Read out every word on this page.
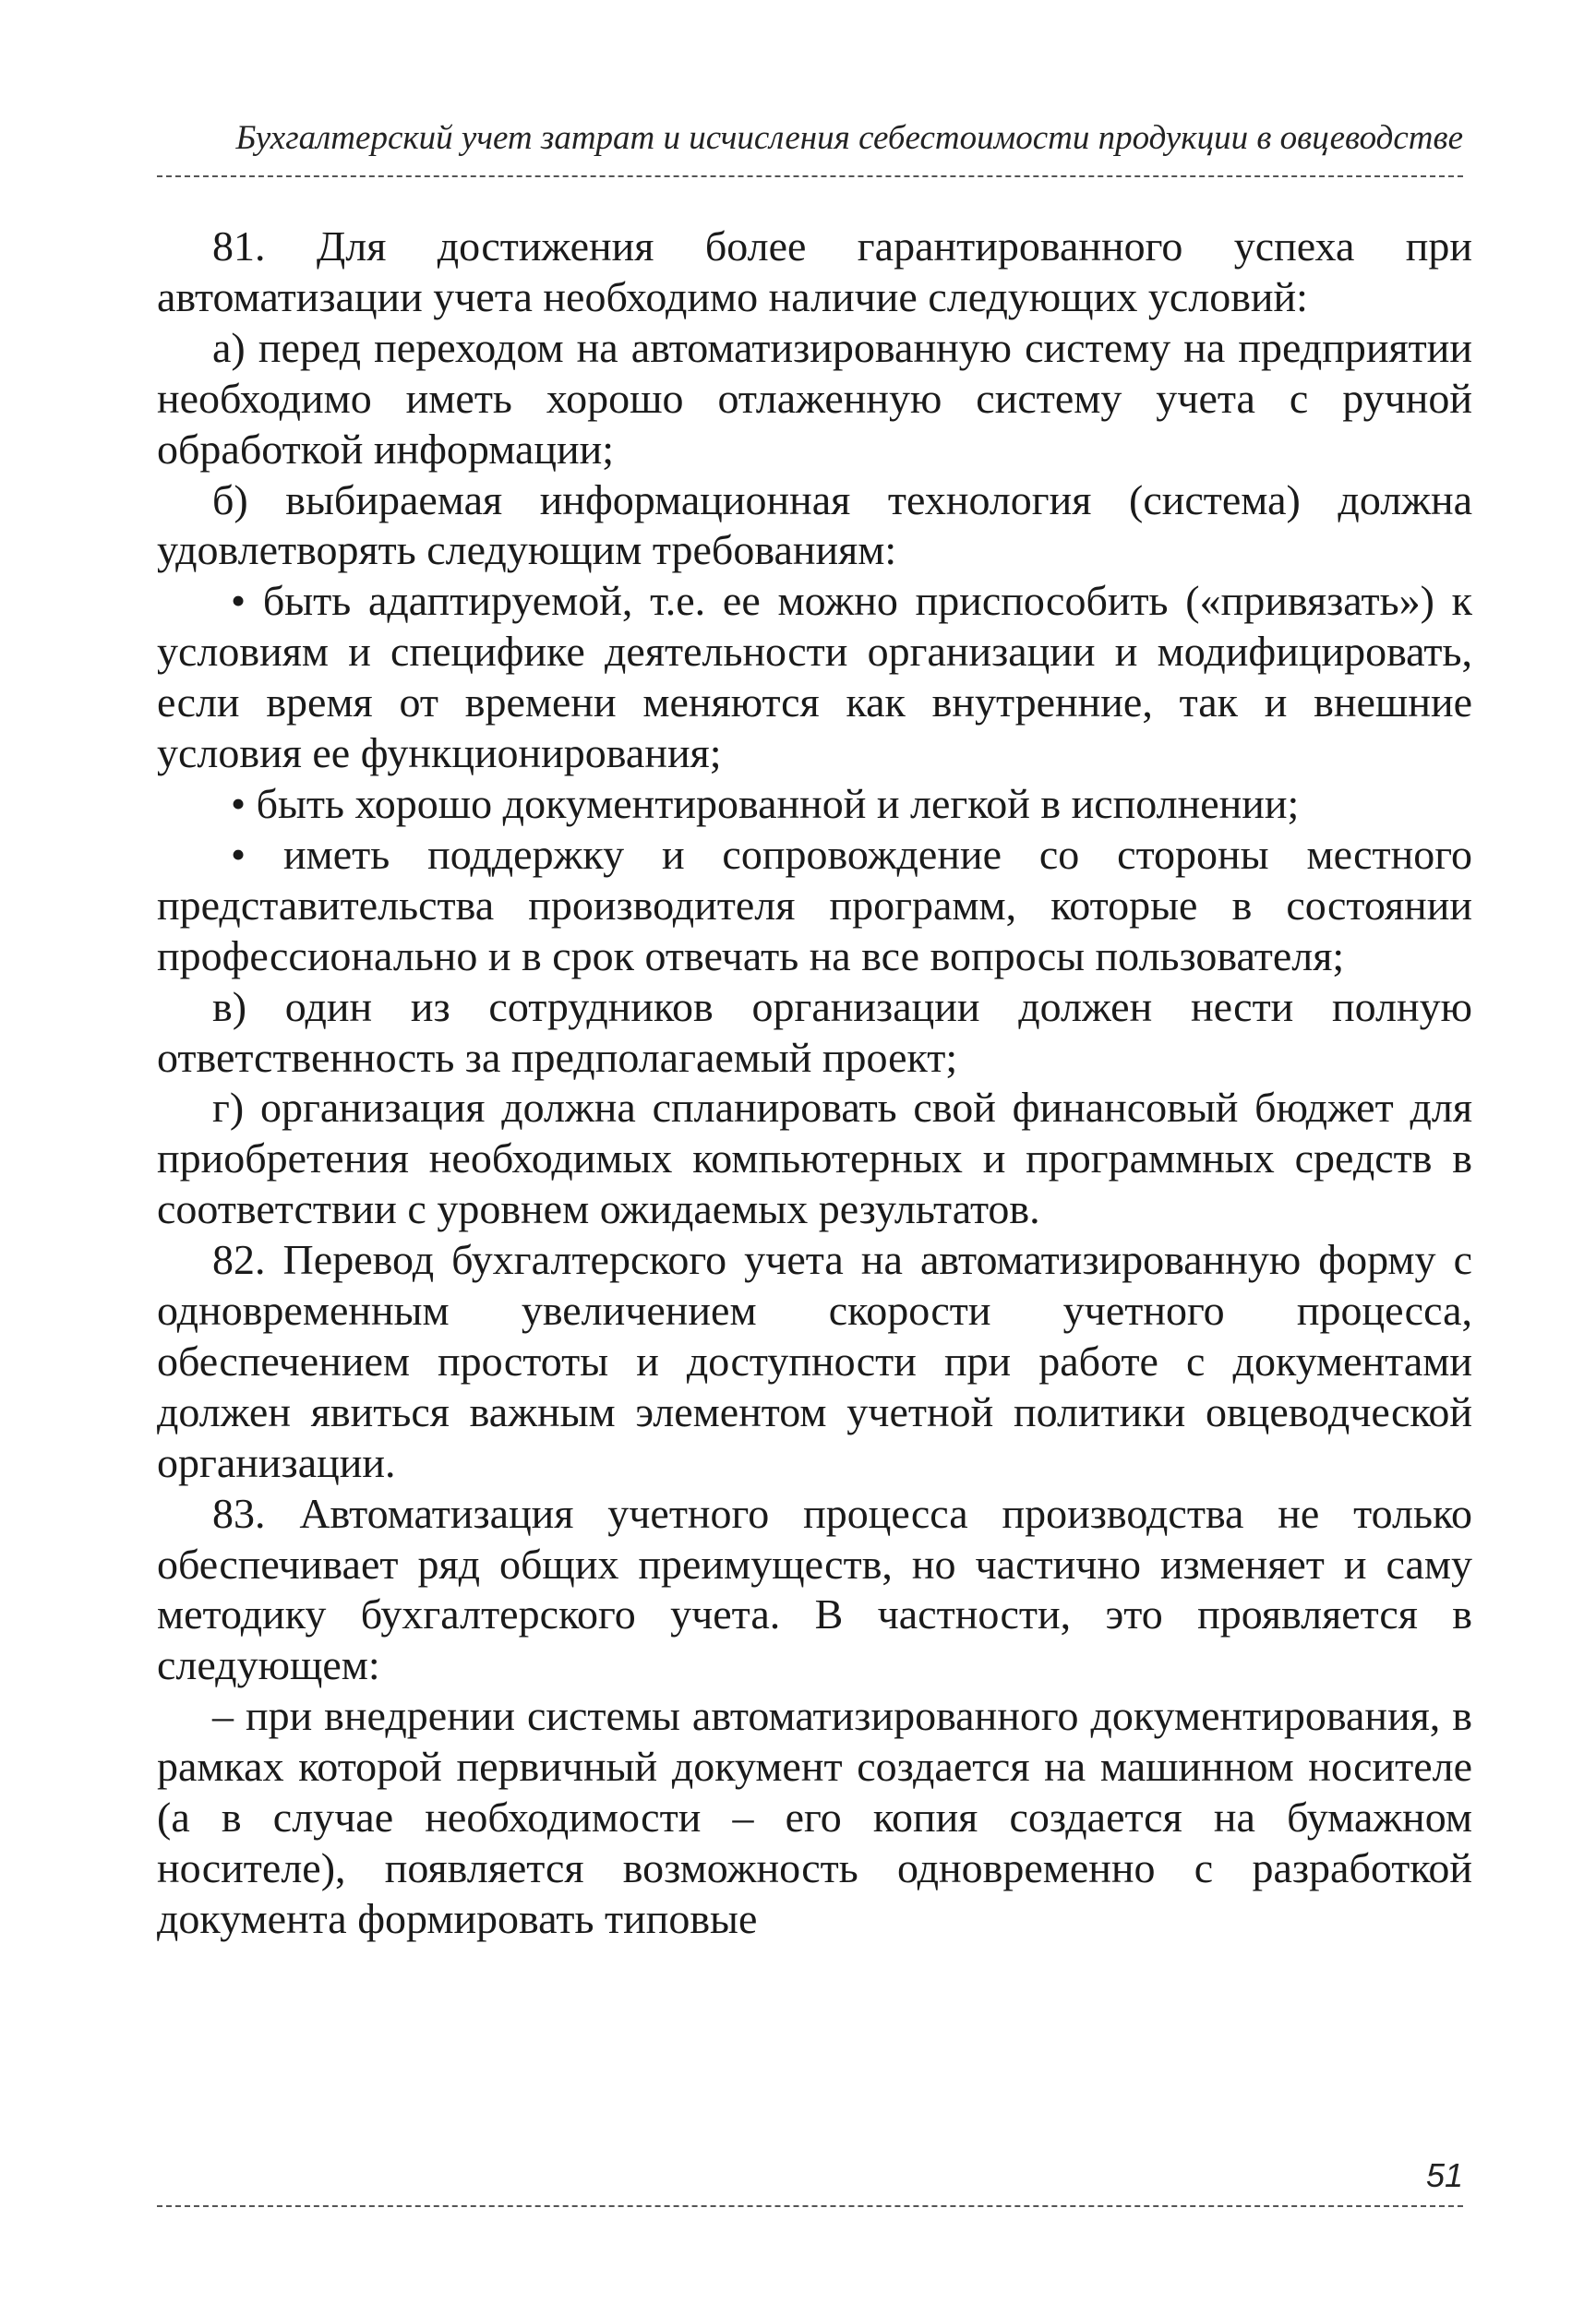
Бухгалтерский учет затрат и исчисления себестоимости продукции в овцеводстве

81. Для достижения более гарантированного успеха при автоматизации учета необходимо наличие следующих условий:

а) перед переходом на автоматизированную систему на предприятии необходимо иметь хорошо отлаженную систему учета с ручной обработкой информации;

б) выбираемая информационная технология (система) должна удовлетворять следующим требованиям:

• быть адаптируемой, т.е. ее можно приспособить («привязать») к условиям и специфике деятельности организации и модифицировать, если время от времени меняются как внутренние, так и внешние условия ее функционирования;

• быть хорошо документированной и легкой в исполнении;

• иметь поддержку и сопровождение со стороны местного представительства производителя программ, которые в состоянии профессионально и в срок отвечать на все вопросы пользователя;

в) один из сотрудников организации должен нести полную ответственность за предполагаемый проект;

г) организация должна спланировать свой финансовый бюджет для приобретения необходимых компьютерных и программных средств в соответствии с уровнем ожидаемых результатов.

82. Перевод бухгалтерского учета на автоматизированную форму с одновременным увеличением скорости учетного процесса, обеспечением простоты и доступности при работе с документами должен явиться важным элементом учетной политики овцеводческой организации.

83. Автоматизация учетного процесса производства не только обеспечивает ряд общих преимуществ, но частично изменяет и саму методику бухгалтерского учета. В частности, это проявляется в следующем:

– при внедрении системы автоматизированного документирования, в рамках которой первичный документ создается на машинном носителе (а в случае необходимости – его копия создается на бумажном носителе), появляется возможность одновременно с разработкой документа формировать типовые

51
